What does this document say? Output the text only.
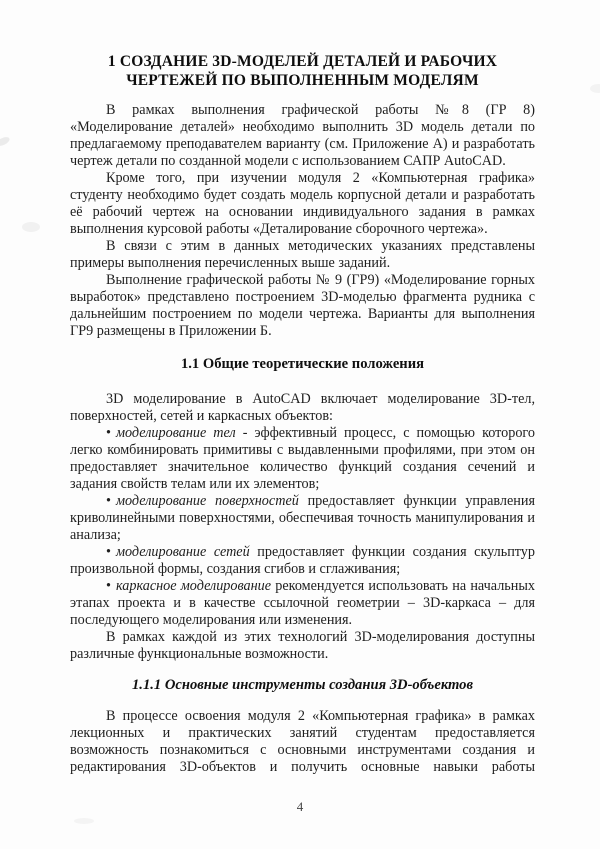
1 СОЗДАНИЕ 3D-МОДЕЛЕЙ ДЕТАЛЕЙ И РАБОЧИХ
ЧЕРТЕЖЕЙ ПО ВЫПОЛНЕННЫМ МОДЕЛЯМ

В рамках выполнения графической работы №8 (ГР 8) «Моделирование деталей» необходимо выполнить 3D модель детали по предлагаемому преподавателем варианту (см. Приложение А) и разработать чертеж детали по созданной модели с использованием САПР AutoCAD.

Кроме того, при изучении модуля 2 «Компьютерная графика» студенту необходимо будет создать модель корпусной детали и разработать её рабочий чертеж на основании индивидуального задания в рамках выполнения курсовой работы «Деталирование сборочного чертежа».

В связи с этим в данных методических указаниях представлены примеры выполнения перечисленных выше заданий.

Выполнение графической работы № 9 (ГР9) «Моделирование горных выработок» представлено построением 3D-моделью фрагмента рудника с дальнейшим построением по модели чертежа. Варианты для выполнения ГР9 размещены в Приложении Б.

1.1 Общие теоретические положения

3D моделирование в AutoCAD включает моделирование 3D-тел, поверхностей, сетей и каркасных объектов:

• моделирование тел - эффективный процесс, с помощью которого легко комбинировать примитивы с выдавленными профилями, при этом он предоставляет значительное количество функций создания сечений и задания свойств телам или их элементов;

• моделирование поверхностей предоставляет функции управления криволинейными поверхностями, обеспечивая точность манипулирования и анализа;

• моделирование сетей предоставляет функции создания скульптур произвольной формы, создания сгибов и сглаживания;

• каркасное моделирование рекомендуется использовать на начальных этапах проекта и в качестве ссылочной геометрии – 3D-каркаса – для последующего моделирования или изменения.

В рамках каждой из этих технологий 3D-моделирования доступны различные функциональные возможности.

1.1.1 Основные инструменты создания 3D-объектов

В процессе освоения модуля 2 «Компьютерная графика» в рамках лекционных и практических занятий студентам предоставляется возможность познакомиться с основными инструментами создания и редактирования 3D-объектов и получить основные навыки работы

4
